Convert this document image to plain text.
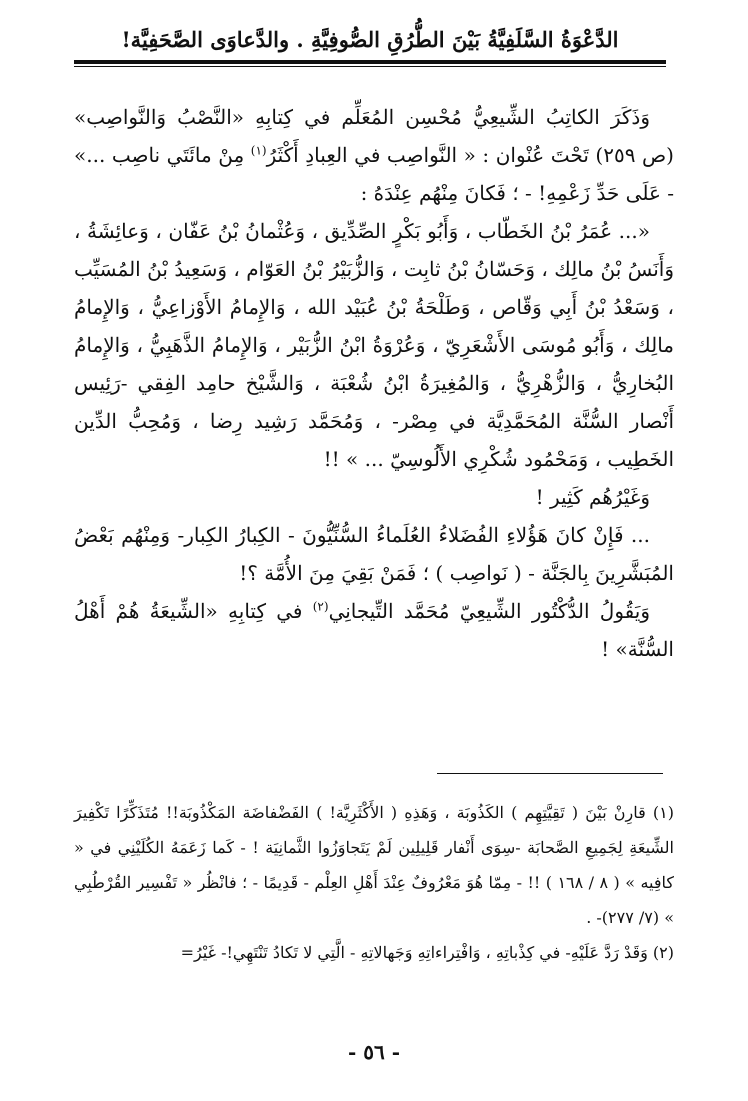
الدَّعْوَةُ السَّلَفِيَّةُ بَيْنَ الطُّرُقِ الصُّوفِيَّةِ . والدَّعاوَى الصَّحَفِيَّة!

وَذَكَرَ الكاتِبُ الشِّيعِيُّ مُحْسِن المُعَلِّم في كِتابِهِ «النَّصْبُ وَالنَّواصِب» (ص ٢٥٩) تَحْتَ عُنْوان : « النَّواصِب في العِبادِ أَكْثَرُ$^{(١)}$ مِنْ مائَتَي ناصِب ...» - عَلَى حَدِّ زَعْمِهِ! - ؛ فَكانَ مِنْهُم عِنْدَهُ :

«... عُمَرُ بْنُ الخَطّاب ، وَأَبُو بَكْرٍ الصِّدِّيق ، وَعُثْمانُ بْنُ عَفّان ، وَعائِشَةُ ، وَأَنَسُ بْنُ مالِك ، وَحَسّانُ بْنُ ثابِت ، وَالزُّبَيْرُ بْنُ العَوّام ، وَسَعِيدُ بْنُ المُسَيِّب ، وَسَعْدُ بْنُ أَبِي وَقّاص ، وَطَلْحَةُ بْنُ عُبَيْد الله ، وَالإِمامُ الأَوْزاعِيُّ ، وَالإِمامُ مالِك ، وَأَبُو مُوسَى الأَشْعَرِيّ ، وَعُرْوَةُ ابْنُ الزُّبَيْر ، وَالإِمامُ الذَّهَبِيُّ ، وَالإِمامُ البُخارِيُّ ، وَالزُّهْرِيُّ ، وَالمُغِيرَةُ ابْنُ شُعْبَة ، وَالشَّيْخ حامِد الفِقي -رَئِيس أَنْصار السُّنَّة المُحَمَّدِيَّة في مِصْر- ، وَمُحَمَّد رَشِيد رِضا ، وَمُحِبُّ الدِّين الخَطِيب ، وَمَحْمُود شُكْرِي الأَلُوسِيّ ... » !!

وَغَيْرُهُم كَثِير !

... فَإِنْ كانَ هَؤُلاءِ الفُضَلاءُ العُلَماءُ السُّنِّيُّونَ - الكِبارُ الكِبار- وَمِنْهُم بَعْضُ المُبَشَّرِينَ بِالجَنَّة - ( نَواصِب ) ؛ فَمَنْ بَقِيَ مِنَ الأُمَّة ؟!

وَيَقُولُ الدُّكْتُور الشِّيعِيّ مُحَمَّد التِّيجانِي$^{(٢)}$ في كِتابِهِ «الشِّيعَةُ هُمْ أَهْلُ السُّنَّة» !

(١) قارِنْ بَيْنَ ( تَقِيَّتِهِم ) الكَذُوبَة ، وَهَذِهِ ( الأَكْثَرِيَّة! ) الفَضْفاضَة المَكْذُوبَة!! مُتَذَكِّرًا تَكْفِيرَ الشِّيعَةِ لِجَمِيعِ الصَّحابَة -سِوَى أَنْفار قَلِيلِين لَمْ يَتَجاوَزُوا الثَّمانِيَة ! - كَما زَعَمَهُ الكُلَيْنِي في « كافِيه » ( ٨ / ١٦٨ ) !! - مِمّا هُوَ مَعْرُوفٌ عِنْدَ أَهْلِ العِلْم - قَدِيمًا - ؛ فانْظُر « تَفْسِير القُرْطُبِي » (٧/ ٢٧٧)- .

(٢) وَقَدْ رَدَّ عَلَيْهِ- في كِذْباتِهِ ، وَافْتِراءاتِهِ وَجَهالاتِهِ - الَّتِي لا تَكادُ تَنْتَهِي!- غَيْرُ=

- ٥٦ -
